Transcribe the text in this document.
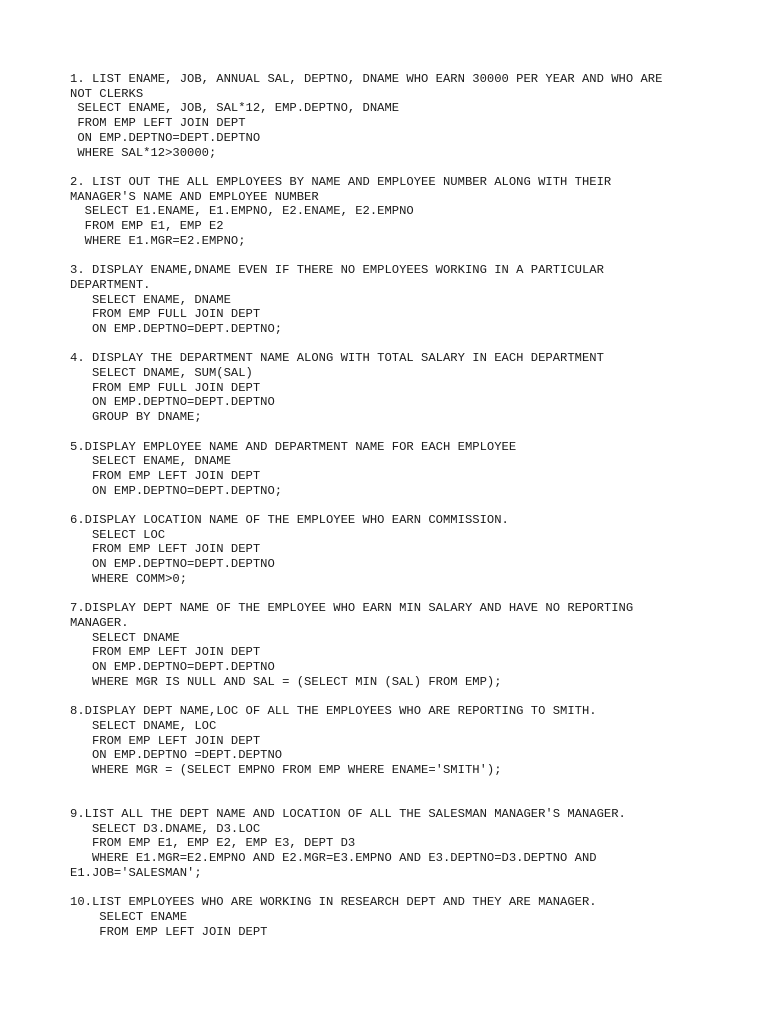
1. LIST ENAME, JOB, ANNUAL SAL, DEPTNO, DNAME WHO EARN 30000 PER YEAR AND WHO ARE
NOT CLERKS
SELECT ENAME, JOB, SAL*12, EMP.DEPTNO, DNAME
FROM EMP LEFT JOIN DEPT
ON EMP.DEPTNO=DEPT.DEPTNO
WHERE SAL*12>30000;
2. LIST OUT THE ALL EMPLOYEES BY NAME AND EMPLOYEE NUMBER ALONG WITH THEIR
MANAGER'S NAME AND EMPLOYEE NUMBER
SELECT E1.ENAME, E1.EMPNO, E2.ENAME, E2.EMPNO
FROM EMP E1, EMP E2
WHERE E1.MGR=E2.EMPNO;
3. DISPLAY ENAME,DNAME EVEN IF THERE NO EMPLOYEES WORKING IN A PARTICULAR
DEPARTMENT.
SELECT ENAME, DNAME
FROM EMP FULL JOIN DEPT
ON EMP.DEPTNO=DEPT.DEPTNO;
4. DISPLAY THE DEPARTMENT NAME ALONG WITH TOTAL SALARY IN EACH DEPARTMENT
SELECT DNAME, SUM(SAL)
FROM EMP FULL JOIN DEPT
ON EMP.DEPTNO=DEPT.DEPTNO
GROUP BY DNAME;
5.DISPLAY EMPLOYEE NAME AND DEPARTMENT NAME FOR EACH EMPLOYEE
SELECT ENAME, DNAME
FROM EMP LEFT JOIN DEPT
ON EMP.DEPTNO=DEPT.DEPTNO;
6.DISPLAY LOCATION NAME OF THE EMPLOYEE WHO EARN COMMISSION.
SELECT LOC
FROM EMP LEFT JOIN DEPT
ON EMP.DEPTNO=DEPT.DEPTNO
WHERE COMM>0;
7.DISPLAY DEPT NAME OF THE EMPLOYEE WHO EARN MIN SALARY AND HAVE NO REPORTING
MANAGER.
SELECT DNAME
FROM EMP LEFT JOIN DEPT
ON EMP.DEPTNO=DEPT.DEPTNO
WHERE MGR IS NULL AND SAL = (SELECT MIN (SAL) FROM EMP);
8.DISPLAY DEPT NAME,LOC OF ALL THE EMPLOYEES WHO ARE REPORTING TO SMITH.
SELECT DNAME, LOC
FROM EMP LEFT JOIN DEPT
ON EMP.DEPTNO =DEPT.DEPTNO
WHERE MGR = (SELECT EMPNO FROM EMP WHERE ENAME='SMITH');
9.LIST ALL THE DEPT NAME AND LOCATION OF ALL THE SALESMAN MANAGER'S MANAGER.
SELECT D3.DNAME, D3.LOC
FROM EMP E1, EMP E2, EMP E3, DEPT D3
WHERE E1.MGR=E2.EMPNO AND E2.MGR=E3.EMPNO AND E3.DEPTNO=D3.DEPTNO AND
E1.JOB='SALESMAN';
10.LIST EMPLOYEES WHO ARE WORKING IN RESEARCH DEPT AND THEY ARE MANAGER.
SELECT ENAME
FROM EMP LEFT JOIN DEPT
